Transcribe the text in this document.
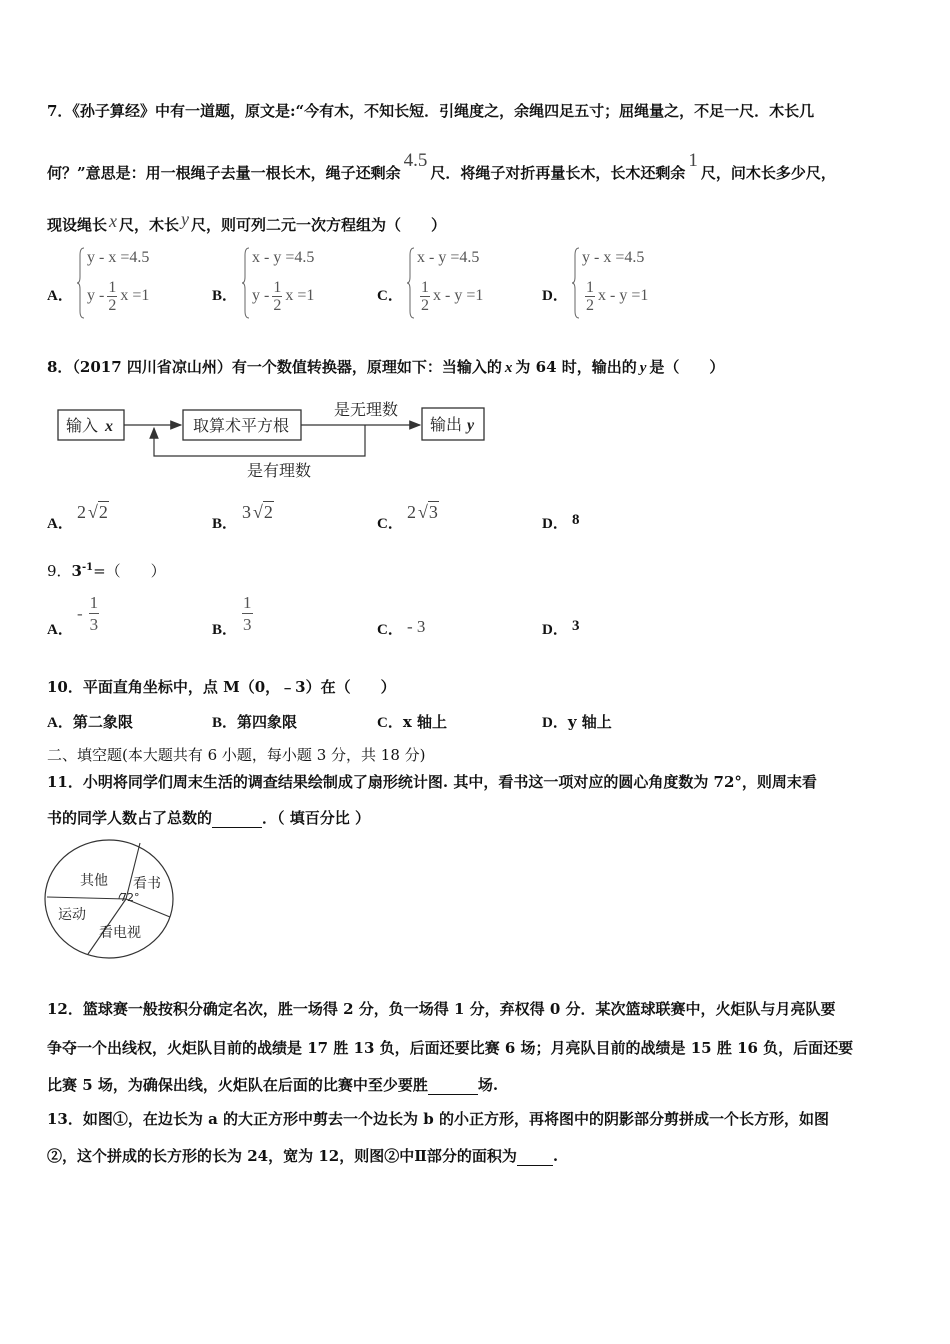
7．《孙子算经》中有一道题，原文是:“今有木，不知长短．引绳度之，余绳四足五寸；屈绳量之，不足一尺．木长几
何？”意思是：用一根绳子去量一根长木，绳子还剩余4.5尺．将绳子对折再量长木，长木还剩余1尺，问木长多少尺，
现设绳长 x 尺，木长 y 尺，则可列二元一次方程组为（　　）
A．
y - x =4.5
y - $\frac{1}{2}$ x =1	B．
x - y =4.5
y - $\frac{1}{2}$ x =1	C．
x - y =4.5
$\frac{1}{2}$ x - y =1	D．
y - x =4.5
$\frac{1}{2}$ x - y =1
8．（2017 四川省凉山州）有一个数值转换器，原理如下：当输入的 x 为 64 时，输出的 y 是（　　）
输入 x	取算术平方根
是无理数
输出 y
是有理数
A．
2 √2
B．
3 √2
C．
2 √3
D． 8
9．$3^{-1}=$（　　）
A．
- $\frac{1}{3}$	B． $\frac{1}{3}$	C． - 3	D． 3
10．平面直角坐标中，点 M（0，﹣3）在（　　）
A．第二象限	B．第四象限	C．x 轴上	D．y 轴上
二、填空题(本大题共有 6 小题，每小题 3 分，共 18 分)
11．小明将同学们周末生活的调查结果绘制成了扇形统计图. 其中，看书这一项对应的圆心角度数为 72°，则周末看
书的同学人数占了总数的	．（ 填百分比 ）
其他 看书
运动
看电视
72°
12．篮球赛一般按积分确定名次，胜一场得 2 分，负一场得 1 分，弃权得 0 分．某次篮球联赛中，火炬队与月亮队要
争夺一个出线权，火炬队目前的战绩是 17 胜 13 负，后面还要比赛 6 场；月亮队目前的战绩是 15 胜 16 负，后面还要
比赛 5 场，为确保出线，火炬队在后面的比赛中至少要胜	场.
13．如图①，在边长为 a 的大正方形中剪去一个边长为 b 的小正方形，再将图中的阴影部分剪拼成一个长方形，如图
②，这个拼成的长方形的长为 24，宽为 12，则图②中Ⅱ部分的面积为 .
